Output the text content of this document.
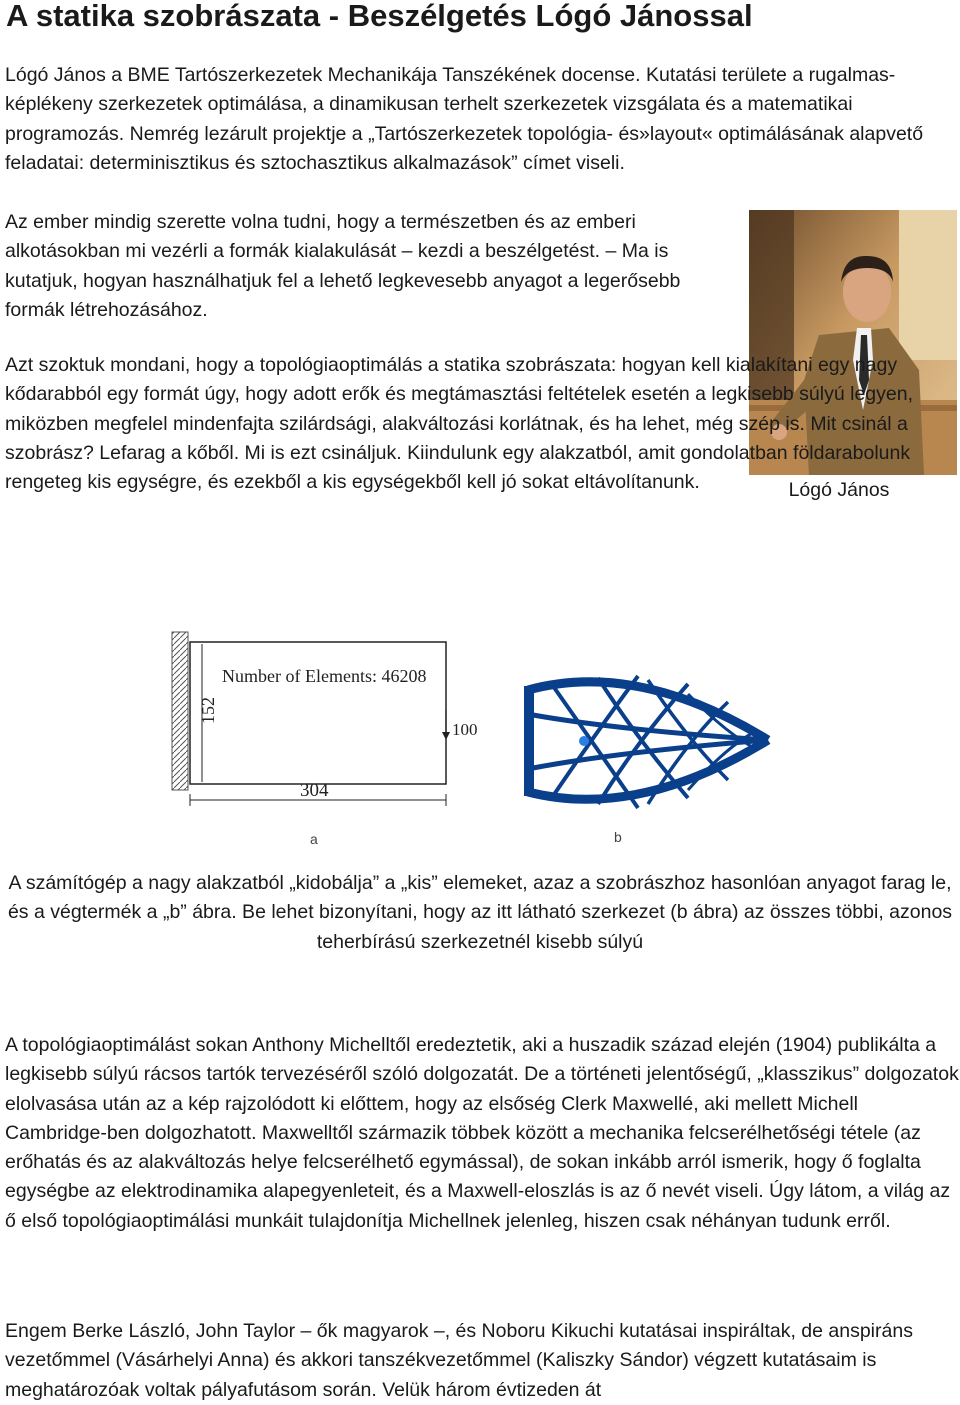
A statika szobrászata - Beszélgetés Lógó Jánossal

Lógó János a BME Tartószerkezetek Mechanikája Tanszékének docense. Kutatási területe a rugalmas-képlékeny szerkezetek optimálása, a dinamikusan terhelt szerkezetek vizsgálata és a matematikai programozás. Nemrég lezárult projektje a „Tartószerkezetek topológia- és»layout« optimálásának alapvető feladatai: determinisztikus és sztochasztikus alkalmazások” címet viseli.

Az ember mindig szerette volna tudni, hogy a természetben és az emberi alkotásokban mi vezérli a formák kialakulását – kezdi a beszélgetést. – Ma is kutatjuk, hogyan használhatjuk fel a lehető legkevesebb anyagot a legerősebb formák létrehozásához.

Lógó János

Azt szoktuk mondani, hogy a topológiaoptimálás a statika szobrászata: hogyan kell kialakítani egy nagy kődarabból egy formát úgy, hogy adott erők és megtámasztási feltételek esetén a legkisebb súlyú legyen, miközben megfelel mindenfajta szilárdsági, alakváltozási korlátnak, és ha lehet, még szép is. Mit csinál a szobrász? Lefarag a kőből. Mi is ezt csináljuk. Kiindulunk egy alakzatból, amit gondolatban földarabolunk rengeteg kis egységre, és ezekből a kis egységekből kell jó sokat eltávolítanunk.

Number of Elements: 46208
152
304
100
a	b

A számítógép a nagy alakzatból „kidobálja” a „kis” elemeket, azaz a szobrászhoz hasonlóan anyagot farag le, és a végtermék a „b” ábra. Be lehet bizonyítani, hogy az itt látható szerkezet (b ábra) az összes többi, azonos teherbírású szerkezetnél kisebb súlyú

A topológiaoptimálást sokan Anthony Michelltől eredeztetik, aki a huszadik század elején (1904) publikálta a legkisebb súlyú rácsos tartók tervezéséről szóló dolgozatát. De a történeti jelentőségű, „klasszikus” dolgozatok elolvasása után az a kép rajzolódott ki előttem, hogy az elsőség Clerk Maxwellé, aki mellett Michell Cambridge-ben dolgozhatott. Maxwelltől származik többek között a mechanika felcserélhetőségi tétele (az erőhatás és az alakváltozás helye felcserélhető egymással), de sokan inkább arról ismerik, hogy ő foglalta egységbe az elektrodinamika alapegyenleteit, és a Maxwell-eloszlás is az ő nevét viseli. Úgy látom, a világ az ő első topológiaoptimálási munkáit tulajdonítja Michellnek jelenleg, hiszen csak néhányan tudunk erről.

Engem Berke László, John Taylor – ők magyarok –, és Noboru Kikuchi kutatásai inspiráltak, de anspiráns vezetőmmel (Vásárhelyi Anna) és akkori tanszékvezetőmmel (Kaliszky Sándor) végzett kutatásaim is meghatározóak voltak pályafutásom során. Velük három évtizeden át
